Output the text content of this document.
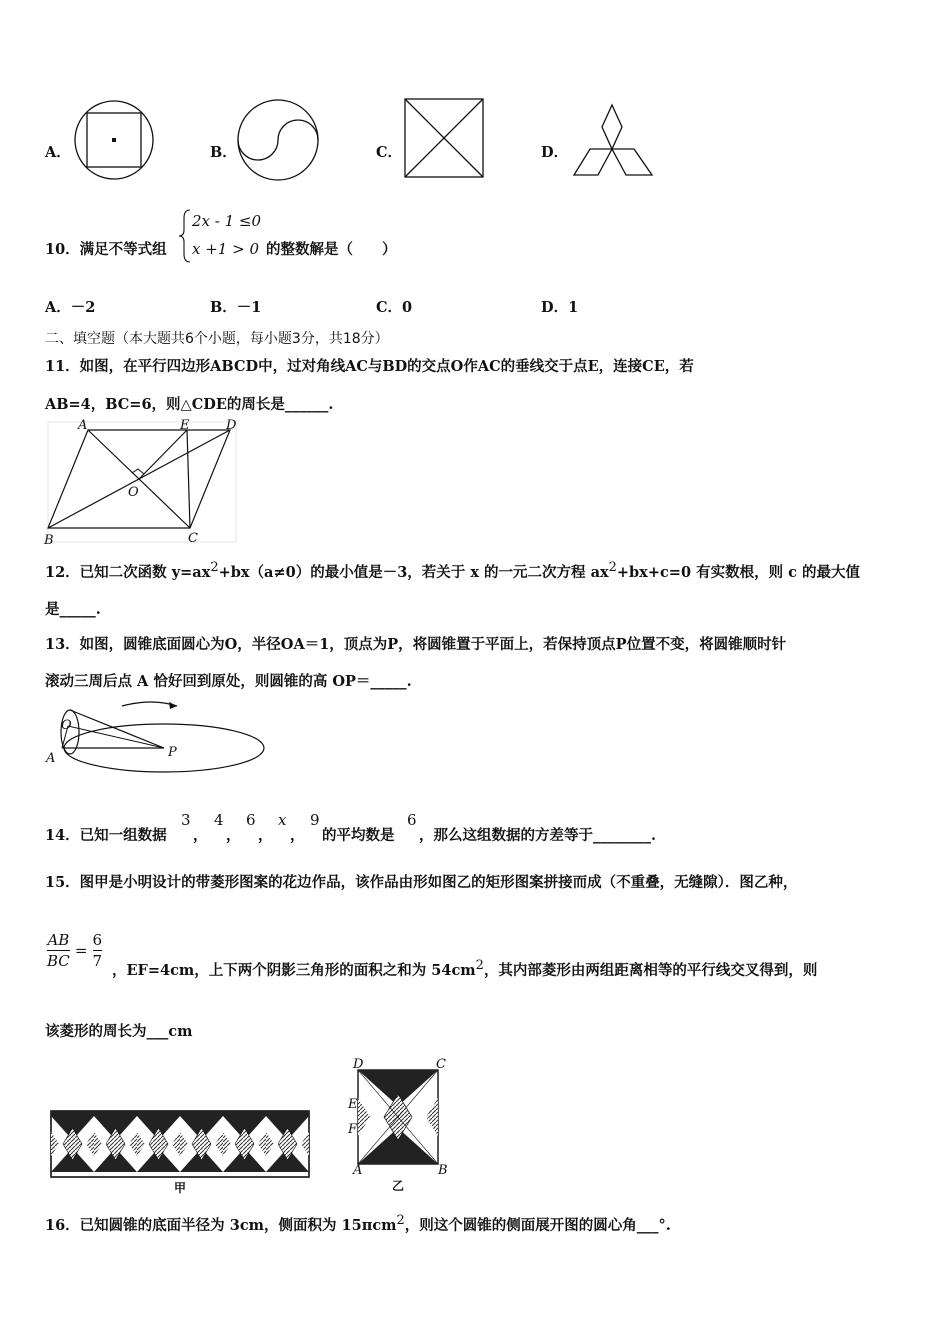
A．	B．	C．	D．
10．满足不等式组
2x - 1 ≤0
x +1 > 0 的整数解是（　　）
A．－2	B．－1	C．0	D．1
二、填空题（本大题共6个小题，每小题3分，共18分）
11．如图，在平行四边形ABCD中，过对角线AC与BD的交点O作AC的垂线交于点E，连接CE，若
AB=4，BC=6，则△CDE的周长是______.
A	E	D
O
B	C
12．已知二次函数 $y=ax^2+bx(a\ne 0)$的最小值是－3，若关于 x 的一元二次方程 $ax^2+bx+c=0$ 有实数根，则 c 的最大值
是_____.
13．如图，圆锥底面圆心为O，半径OA＝1，顶点为P，将圆锥置于平面上，若保持顶点P位置不变，将圆锥顺时针
滚动三周后点 A 恰好回到原处，则圆锥的高 OP＝_____.
O
A	P
14．已知一组数据
3
，
4
，
6
，
x
，
9
的平均数是
6
，那么这组数据的方差等于________.
15．图甲是小明设计的带菱形图案的花边作品，该作品由形如图乙的矩形图案拼接而成（不重叠，无缝隙）．图乙种，
$\frac{AB}{BC} = \frac{6}{7}$ ，EF=4cm，上下两个阴影三角形的面积之和为 $54cm^2$，其内部菱形由两组距离相等的平行线交叉得到，则
该菱形的周长为___cm
甲
D	C
E
F
A	B
乙
16．已知圆锥的底面半径为 3cm，侧面积为 15πcm$^2$，则这个圆锥的侧面展开图的圆心角___°.
